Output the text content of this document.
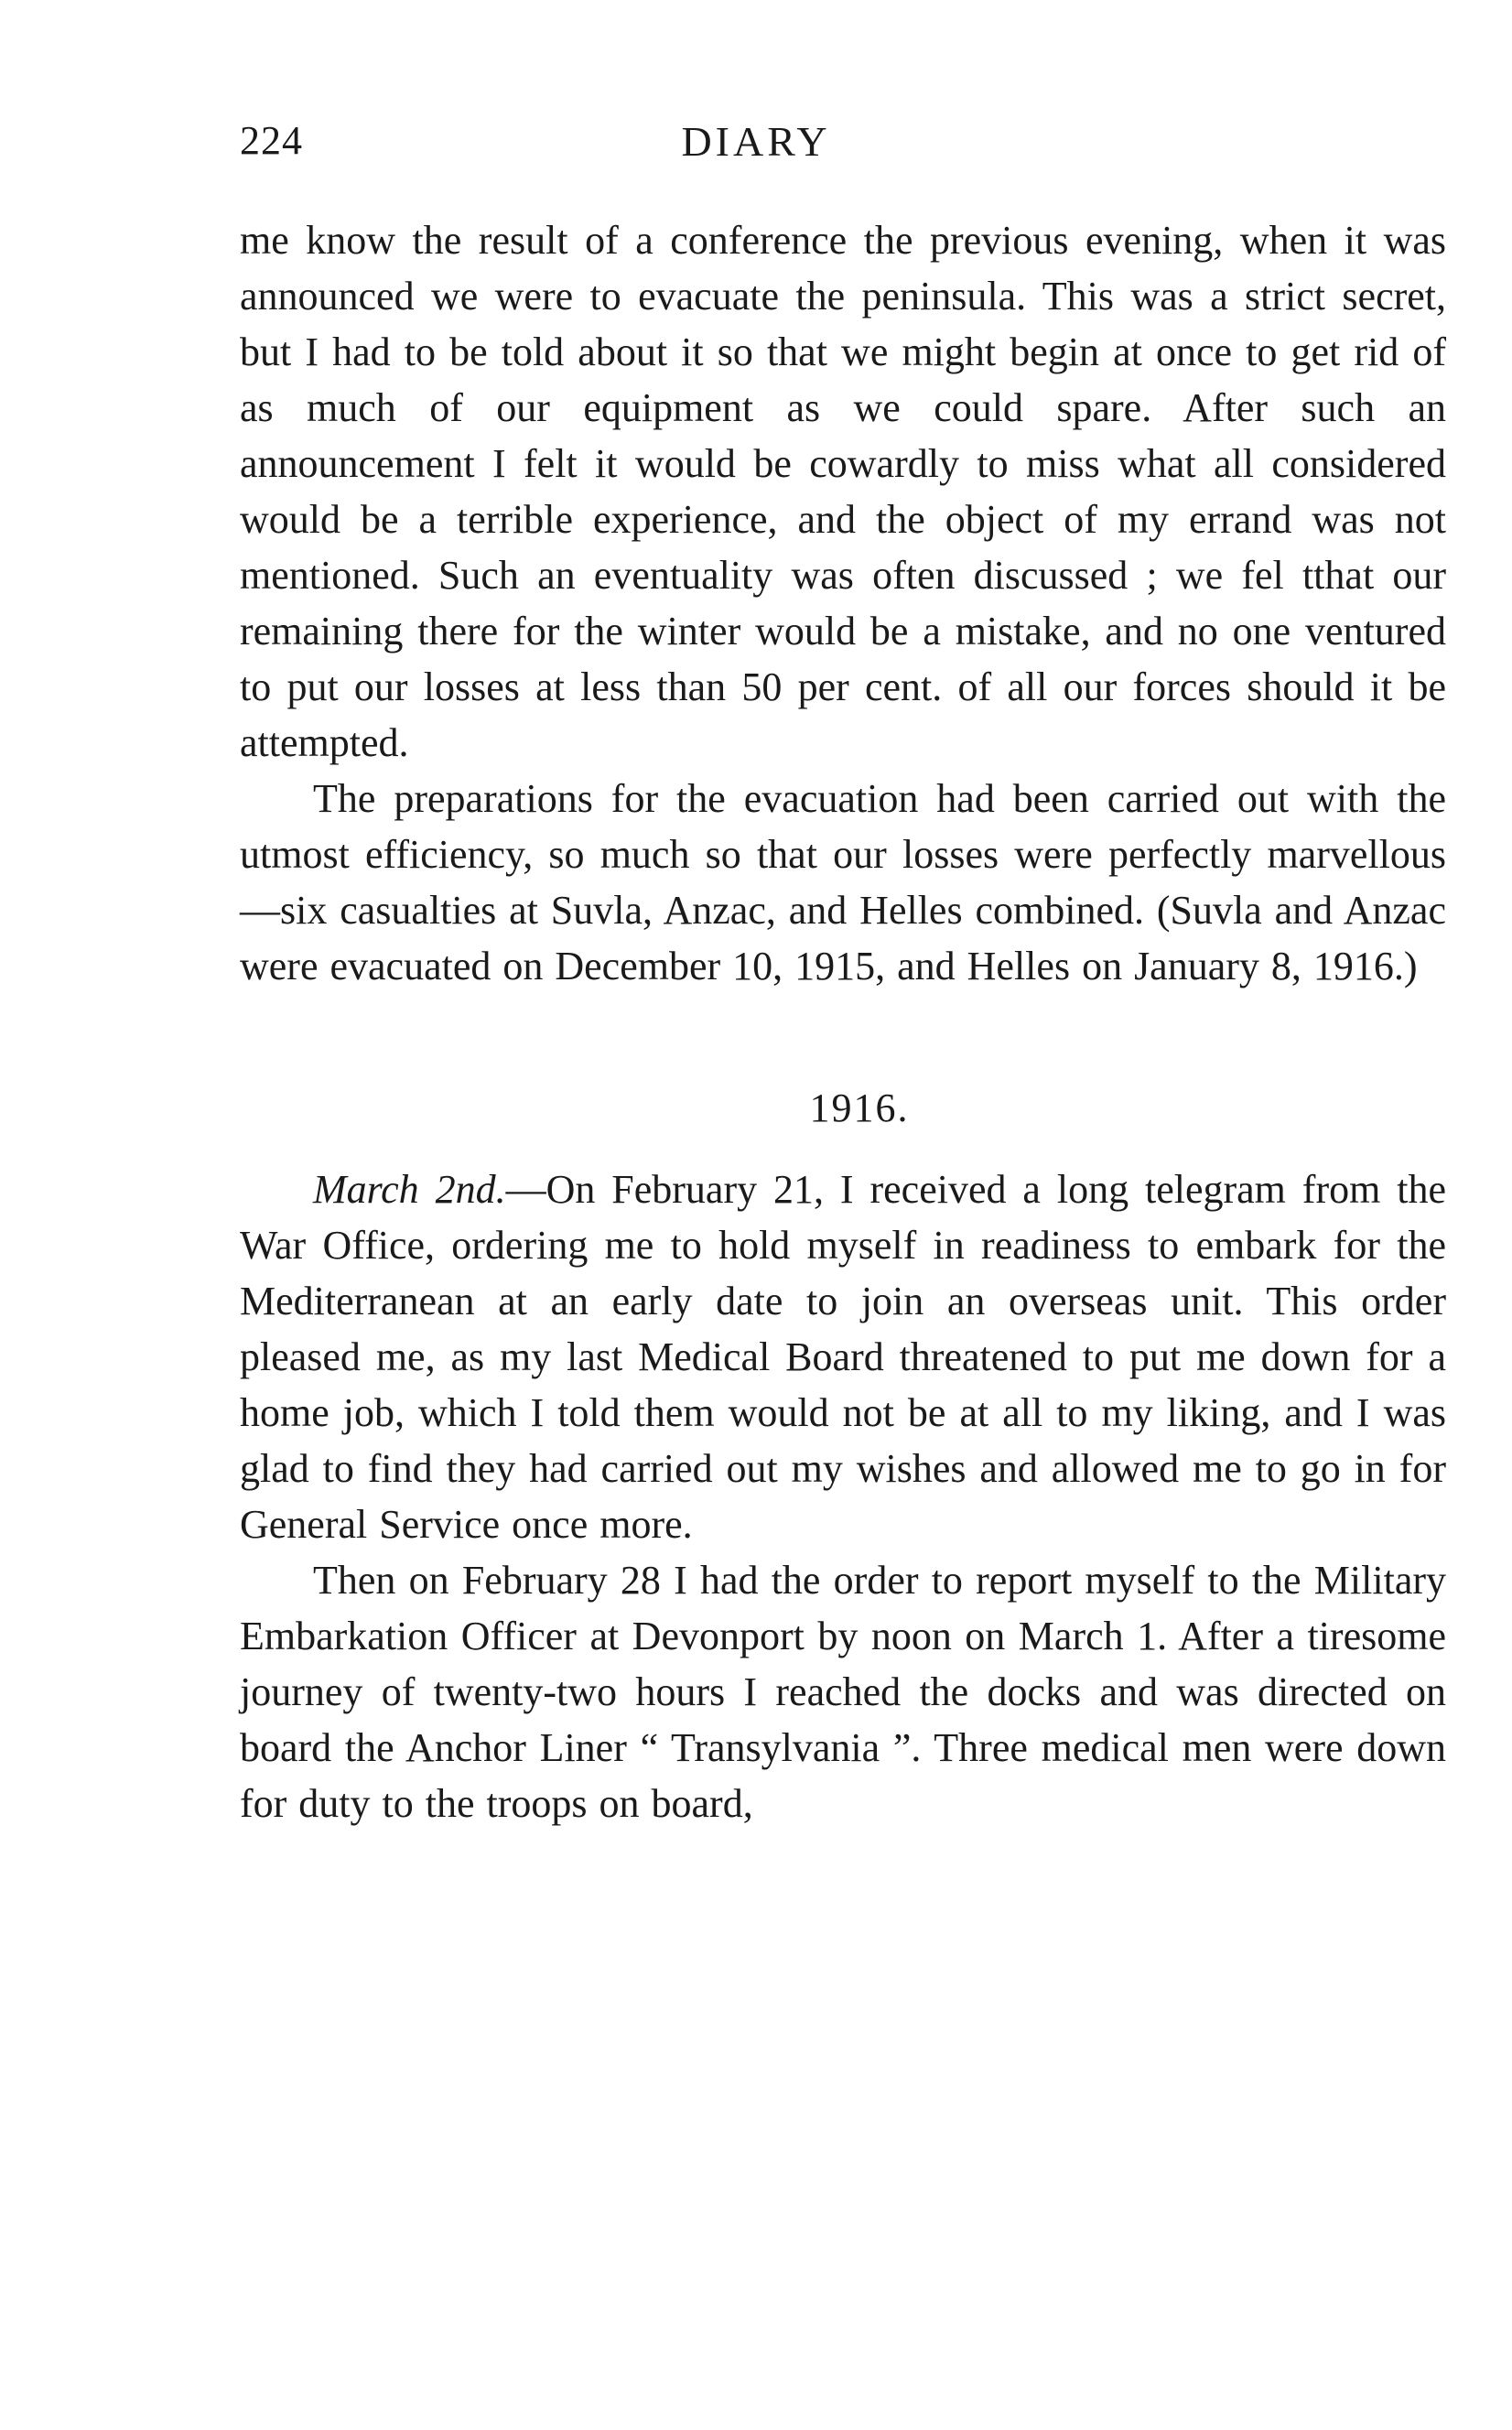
224	DIARY

me know the result of a conference the previous evening, when it was announced we were to evacuate the peninsula. This was a strict secret, but I had to be told about it so that we might begin at once to get rid of as much of our equipment as we could spare. After such an announcement I felt it would be cowardly to miss what all considered would be a terrible experience, and the object of my errand was not mentioned. Such an eventuality was often discussed ; we fel tthat our remaining there for the winter would be a mistake, and no one ventured to put our losses at less than 50 per cent. of all our forces should it be attempted.

The preparations for the evacuation had been carried out with the utmost efficiency, so much so that our losses were perfectly marvellous—six casualties at Suvla, Anzac, and Helles combined. (Suvla and Anzac were evacuated on December 10, 1915, and Helles on January 8, 1916.)

1916.

March 2nd.—On February 21, I received a long telegram from the War Office, ordering me to hold myself in readiness to embark for the Mediterranean at an early date to join an overseas unit. This order pleased me, as my last Medical Board threatened to put me down for a home job, which I told them would not be at all to my liking, and I was glad to find they had carried out my wishes and allowed me to go in for General Service once more.

Then on February 28 I had the order to report myself to the Military Embarkation Officer at Devonport by noon on March 1. After a tiresome journey of twenty-two hours I reached the docks and was directed on board the Anchor Liner “ Transylvania ”. Three medical men were down for duty to the troops on board,
